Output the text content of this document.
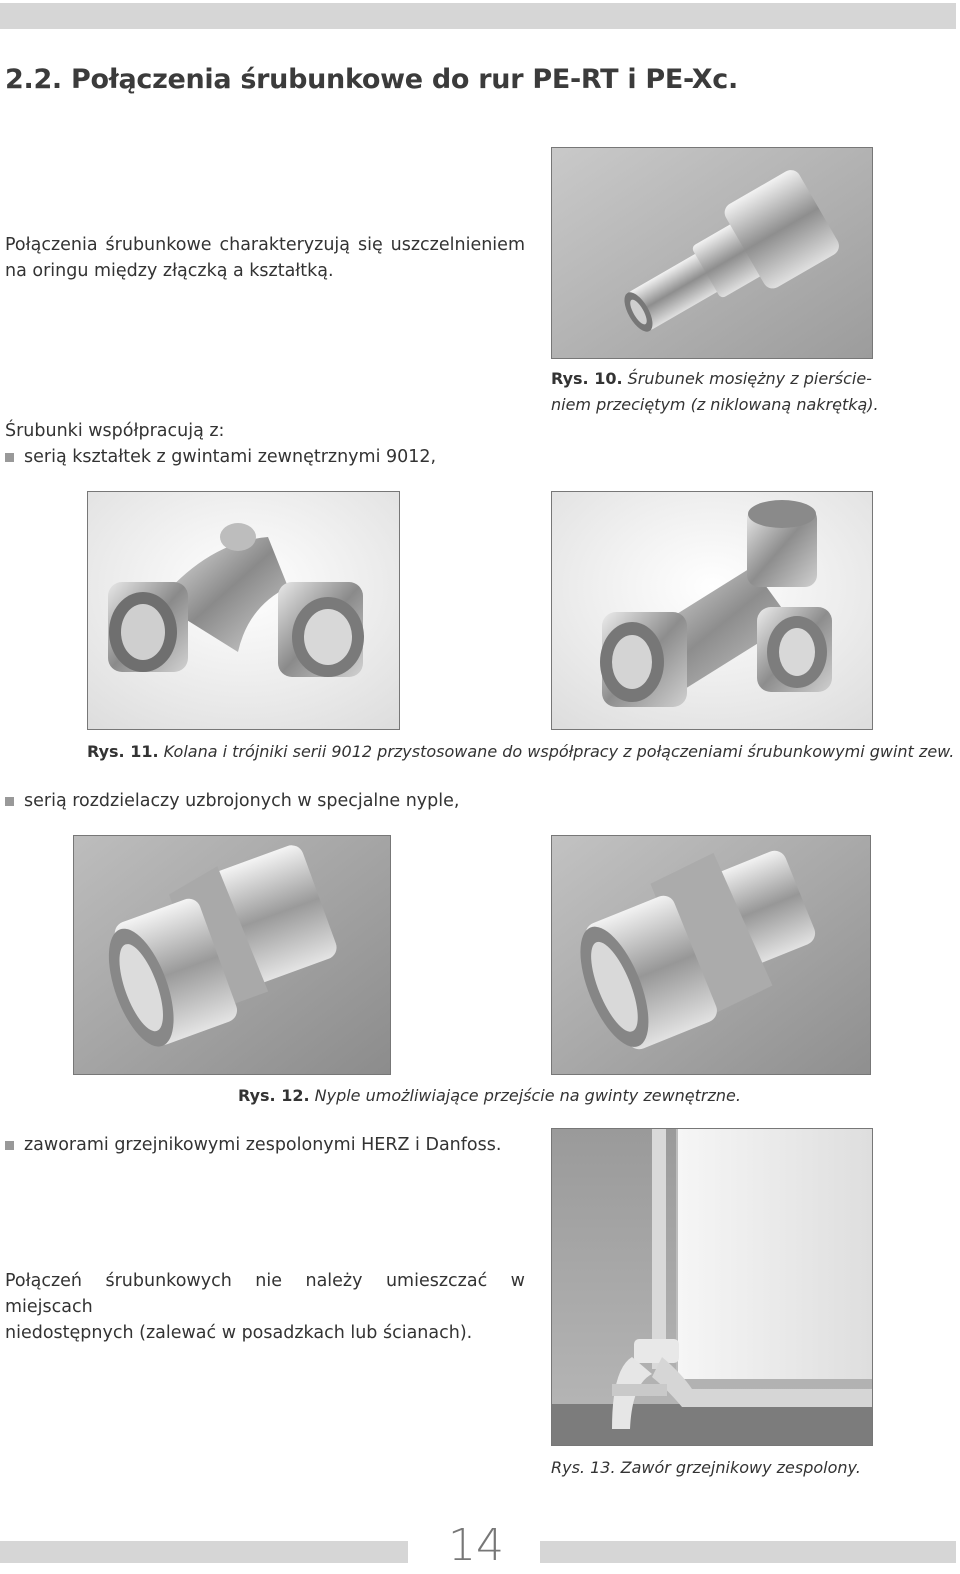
2.2. Połączenia śrubunkowe do rur PE-RT i PE-Xc.
Połączenia śrubunkowe charakteryzują się uszczelnieniem
na oringu między złączką a kształtką.
Rys. 10. Śrubunek mosiężny z pierście-
niem przeciętym (z niklowaną nakrętką).
Śrubunki współpracują z:
serią kształtek z gwintami zewnętrznymi 9012,
Rys. 11. Kolana i trójniki serii 9012 przystosowane do współpracy z połączeniami śrubunkowymi gwint zew.
serią rozdzielaczy uzbrojonych w specjalne nyple,
Rys. 12. Nyple umożliwiające przejście na gwinty zewnętrzne.
zaworami grzejnikowymi zespolonymi HERZ i Danfoss.
Połączeń śrubunkowych nie należy umieszczać w miejscach
niedostępnych (zalewać w posadzkach lub ścianach).
Rys. 13. Zawór grzejnikowy zespolony.
14
